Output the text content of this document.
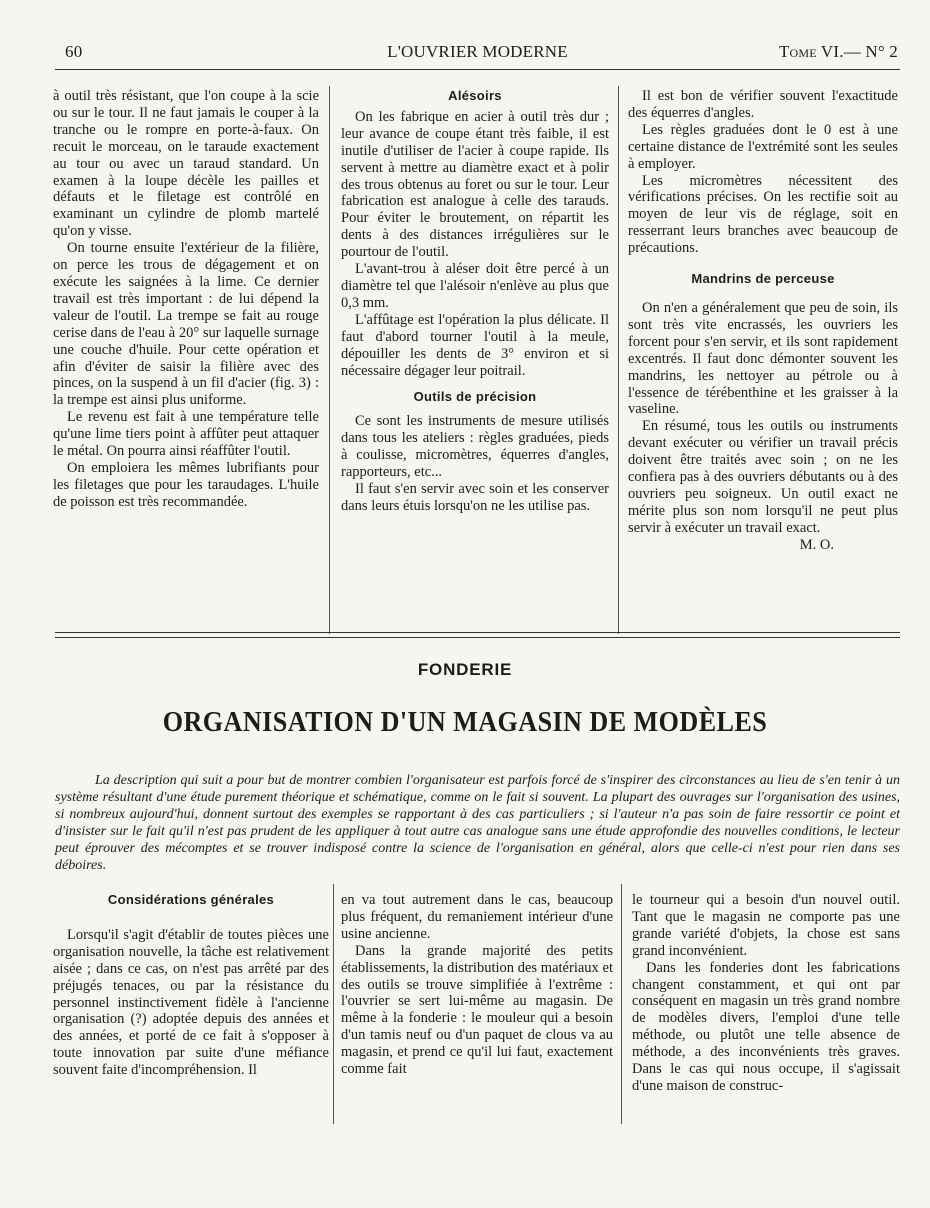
60	L'OUVRIER MODERNE	Tome VI.— N° 2

à outil très résistant, que l'on coupe à la scie ou sur le tour. Il ne faut jamais le couper à la tranche ou le rompre en porte-à-faux. On recuit le morceau, on le taraude exactement au tour ou avec un taraud standard. Un examen à la loupe décèle les pailles et défauts et le filetage est contrôlé en examinant un cylindre de plomb martelé qu'on y visse.

On tourne ensuite l'extérieur de la filière, on perce les trous de dégagement et on exécute les saignées à la lime. Ce dernier travail est très important : de lui dépend la valeur de l'outil. La trempe se fait au rouge cerise dans de l'eau à 20° sur laquelle surnage une couche d'huile. Pour cette opération et afin d'éviter de saisir la filière avec des pinces, on la suspend à un fil d'acier (fig. 3) : la trempe est ainsi plus uniforme.

Le revenu est fait à une température telle qu'une lime tiers point à affûter peut attaquer le métal. On pourra ainsi réaffûter l'outil.

On emploiera les mêmes lubrifiants pour les filetages que pour les taraudages. L'huile de poisson est très recommandée.

Alésoirs

On les fabrique en acier à outil très dur ; leur avance de coupe étant très faible, il est inutile d'utiliser de l'acier à coupe rapide. Ils servent à mettre au diamètre exact et à polir des trous obtenus au foret ou sur le tour. Leur fabrication est analogue à celle des tarauds. Pour éviter le broutement, on répartit les dents à des distances irrégulières sur le pourtour de l'outil.

L'avant-trou à aléser doit être percé à un diamètre tel que l'alésoir n'enlève au plus que 0,3 mm.

L'affûtage est l'opération la plus délicate. Il faut d'abord tourner l'outil à la meule, dépouiller les dents de 3° environ et si nécessaire dégager leur poitrail.

Outils de précision

Ce sont les instruments de mesure utilisés dans tous les ateliers : règles graduées, pieds à coulisse, micromètres, équerres d'angles, rapporteurs, etc...

Il faut s'en servir avec soin et les conserver dans leurs étuis lorsqu'on ne les utilise pas.

Il est bon de vérifier souvent l'exactitude des équerres d'angles.

Les règles graduées dont le 0 est à une certaine distance de l'extrémité sont les seules à employer.

Les micromètres nécessitent des vérifications précises. On les rectifie soit au moyen de leur vis de réglage, soit en resserrant leurs branches avec beaucoup de précautions.

Mandrins de perceuse

On n'en a généralement que peu de soin, ils sont très vite encrassés, les ouvriers les forcent pour s'en servir, et ils sont rapidement excentrés. Il faut donc démonter souvent les mandrins, les nettoyer au pétrole ou à l'essence de térébenthine et les graisser à la vaseline.

En résumé, tous les outils ou instruments devant exécuter ou vérifier un travail précis doivent être traités avec soin ; on ne les confiera pas à des ouvriers débutants ou à des ouvriers peu soigneux. Un outil exact ne mérite plus son nom lorsqu'il ne peut plus servir à exécuter un travail exact.

M. O.

FONDERIE
ORGANISATION D'UN MAGASIN DE MODÈLES

La description qui suit a pour but de montrer combien l'organisateur est parfois forcé de s'inspirer des circonstances au lieu de s'en tenir à un système résultant d'une étude purement théorique et schématique, comme on le fait si souvent. La plupart des ouvrages sur l'organisation des usines, si nombreux aujourd'hui, donnent surtout des exemples se rapportant à des cas particuliers ; si l'auteur n'a pas soin de faire ressortir ce point et d'insister sur le fait qu'il n'est pas prudent de les appliquer à tout autre cas analogue sans une étude approfondie des nouvelles conditions, le lecteur peut éprouver des mécomptes et se trouver indisposé contre la science de l'organisation en général, alors que celle-ci n'est pour rien dans ses déboires.

Considérations générales

Lorsqu'il s'agit d'établir de toutes pièces une organisation nouvelle, la tâche est relativement aisée ; dans ce cas, on n'est pas arrêté par des préjugés tenaces, ou par la résistance du personnel instinctivement fidèle à l'ancienne organisation (?) adoptée depuis des années et des années, et porté de ce fait à s'opposer à toute innovation par suite d'une méfiance souvent faite d'incompréhension. Il

en va tout autrement dans le cas, beaucoup plus fréquent, du remaniement intérieur d'une usine ancienne.

Dans la grande majorité des petits établissements, la distribution des matériaux et des outils se trouve simplifiée à l'extrême : l'ouvrier se sert lui-même au magasin. De même à la fonderie : le mouleur qui a besoin d'un tamis neuf ou d'un paquet de clous va au magasin, et prend ce qu'il lui faut, exactement comme fait

le tourneur qui a besoin d'un nouvel outil. Tant que le magasin ne comporte pas une grande variété d'objets, la chose est sans grand inconvénient.

Dans les fonderies dont les fabrications changent constamment, et qui ont par conséquent en magasin un très grand nombre de modèles divers, l'emploi d'une telle méthode, ou plutôt une telle absence de méthode, a des inconvénients très graves. Dans le cas qui nous occupe, il s'agissait d'une maison de construc-
